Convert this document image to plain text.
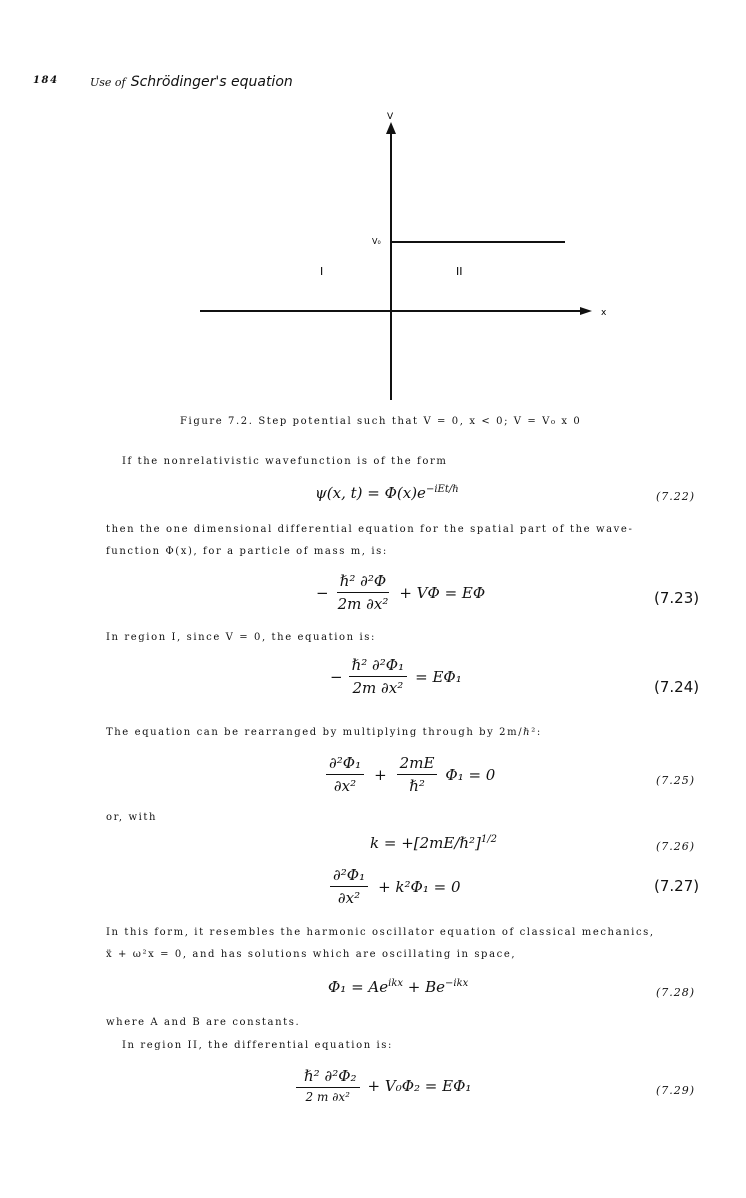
184	Use of Schrödinger's equation
V
x
V₀
I	II
Figure 7.2. Step potential such that V = 0, x < 0; V = V₀ x 0
If the nonrelativistic wavefunction is of the form
ψ(x, $t) = \Phi(x)e^{-iEt/\hbar}$
(7.22)
then the one dimensional differential equation for the spatial part of the wave-
function Φ(x), for a particle of mass m, is:
− $\frac{\text{ℏ² ∂²Φ}}{\text{2m ∂x²}} + V\Phi = E\Phi$	(7.23)
In region I, since V = 0, the equation is:
− $\frac{\text{ℏ² ∂²Φ₁}}{\text{2m ∂x²}} = E\Phi_1$
(7.24)
The equation can be rearranged by multiplying through by 2m/ℏ²:
$\frac{\text{∂²Φ₁}}{\text{∂x²}} + \frac{2mE}{\text{ℏ²}} \Phi_1 = 0$	(7.25)
or, with
k = +[2mE/ℏ²]$^{1/2}$
(7.26)
$\frac{\text{∂²Φ₁}}{\text{∂x²}} + k^2\Phi_1 = 0$	(7.27)
In this form, it resembles the harmonic oscillator equation of classical mechanics,
ẍ + ω²x = 0, and has solutions which are oscillating in space,
$\Phi_1 = Ae^{ikx} + Be^{-ikx}$
(7.28)
where A and B are constants.
In region II, the differential equation is:
$\frac{\text{ℏ² ∂²Φ₂}}{\text{2 m ∂x²}} + V_0\Phi_2 = E\Phi_1$	(7.29)
